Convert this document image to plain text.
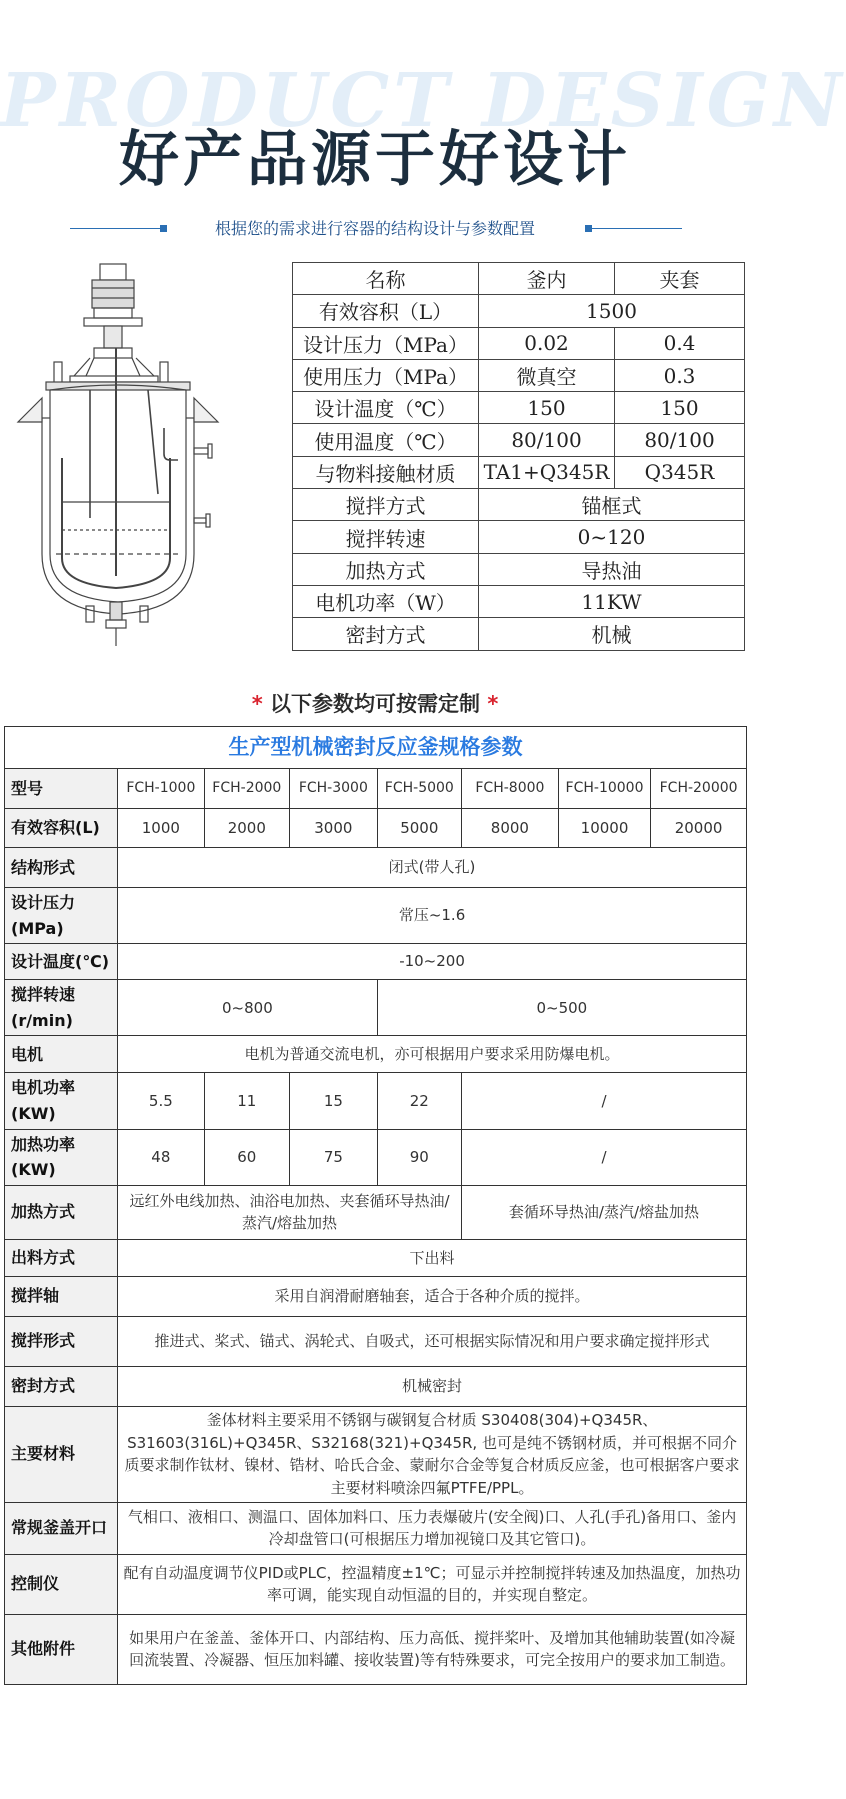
PRODUCT DESIGN
好产品源于好设计
根据您的需求进行容器的结构设计与参数配置
名称	釜内	夹套
有效容积（L）	1500	
设计压力（MPa）	0.02	0.4
使用压力（MPa）	微真空	0.3
设计温度（℃）	150	150
使用温度（℃）	80/100	80/100
与物料接触材质	TA1+Q345R	Q345R
搅拌方式	锚框式	
搅拌转速	0~120	
加热方式	导热油	
电机功率（W）	11KW	
密封方式	机械	
* 以下参数均可按需定制 *
生产型机械密封反应釜规格参数							
型号	FCH-1000	FCH-2000	FCH-3000	FCH-5000	FCH-8000	FCH-10000	FCH-20000
有效容积(L)	1000	2000	3000	5000	8000	10000	20000
结构形式	闭式(带人孔)						
设计压力(MPa)	常压~1.6						
设计温度(℃)	-10~200						
搅拌转速(r/min)	0~800			0~500			
电机	电机为普通交流电机，亦可根据用户要求采用防爆电机。						
电机功率(KW)	5.5	11	15	22	/		
加热功率(KW)	48	60	75	90	/		
加热方式	远红外电线加热、油浴电加热、夹套循环导热油/蒸汽/熔盐加热				套循环导热油/蒸汽/熔盐加热		
出料方式	下出料						
搅拌轴	采用自润滑耐磨轴套，适合于各种介质的搅拌。						
搅拌形式	推进式、桨式、锚式、涡轮式、自吸式，还可根据实际情况和用户要求确定搅拌形式						
密封方式	机械密封						
主要材料	釜体材料主要采用不锈钢与碳钢复合材质 S30408(304)+Q345R、S31603(316L)+Q345R、S32168(321)+Q345R, 也可是纯不锈钢材质，并可根据不同介质要求制作钛材、镍材、锆材、哈氏合金、蒙耐尔合金等复合材质反应釜，也可根据客户要求主要材料喷涂四氟PTFE/PPL。						
常规釜盖开口	气相口、液相口、测温口、固体加料口、压力表爆破片(安全阀)口、人孔(手孔)备用口、釜内冷却盘管口(可根据压力增加视镜口及其它管口)。						
控制仪	配有自动温度调节仪PID或PLC，控温精度±1℃；可显示并控制搅拌转速及加热温度，加热功率可调，能实现自动恒温的目的，并实现自整定。						
其他附件	如果用户在釜盖、釜体开口、内部结构、压力高低、搅拌桨叶、及增加其他辅助装置(如冷凝回流装置、冷凝器、恒压加料罐、接收装置)等有特殊要求，可完全按用户的要求加工制造。						
